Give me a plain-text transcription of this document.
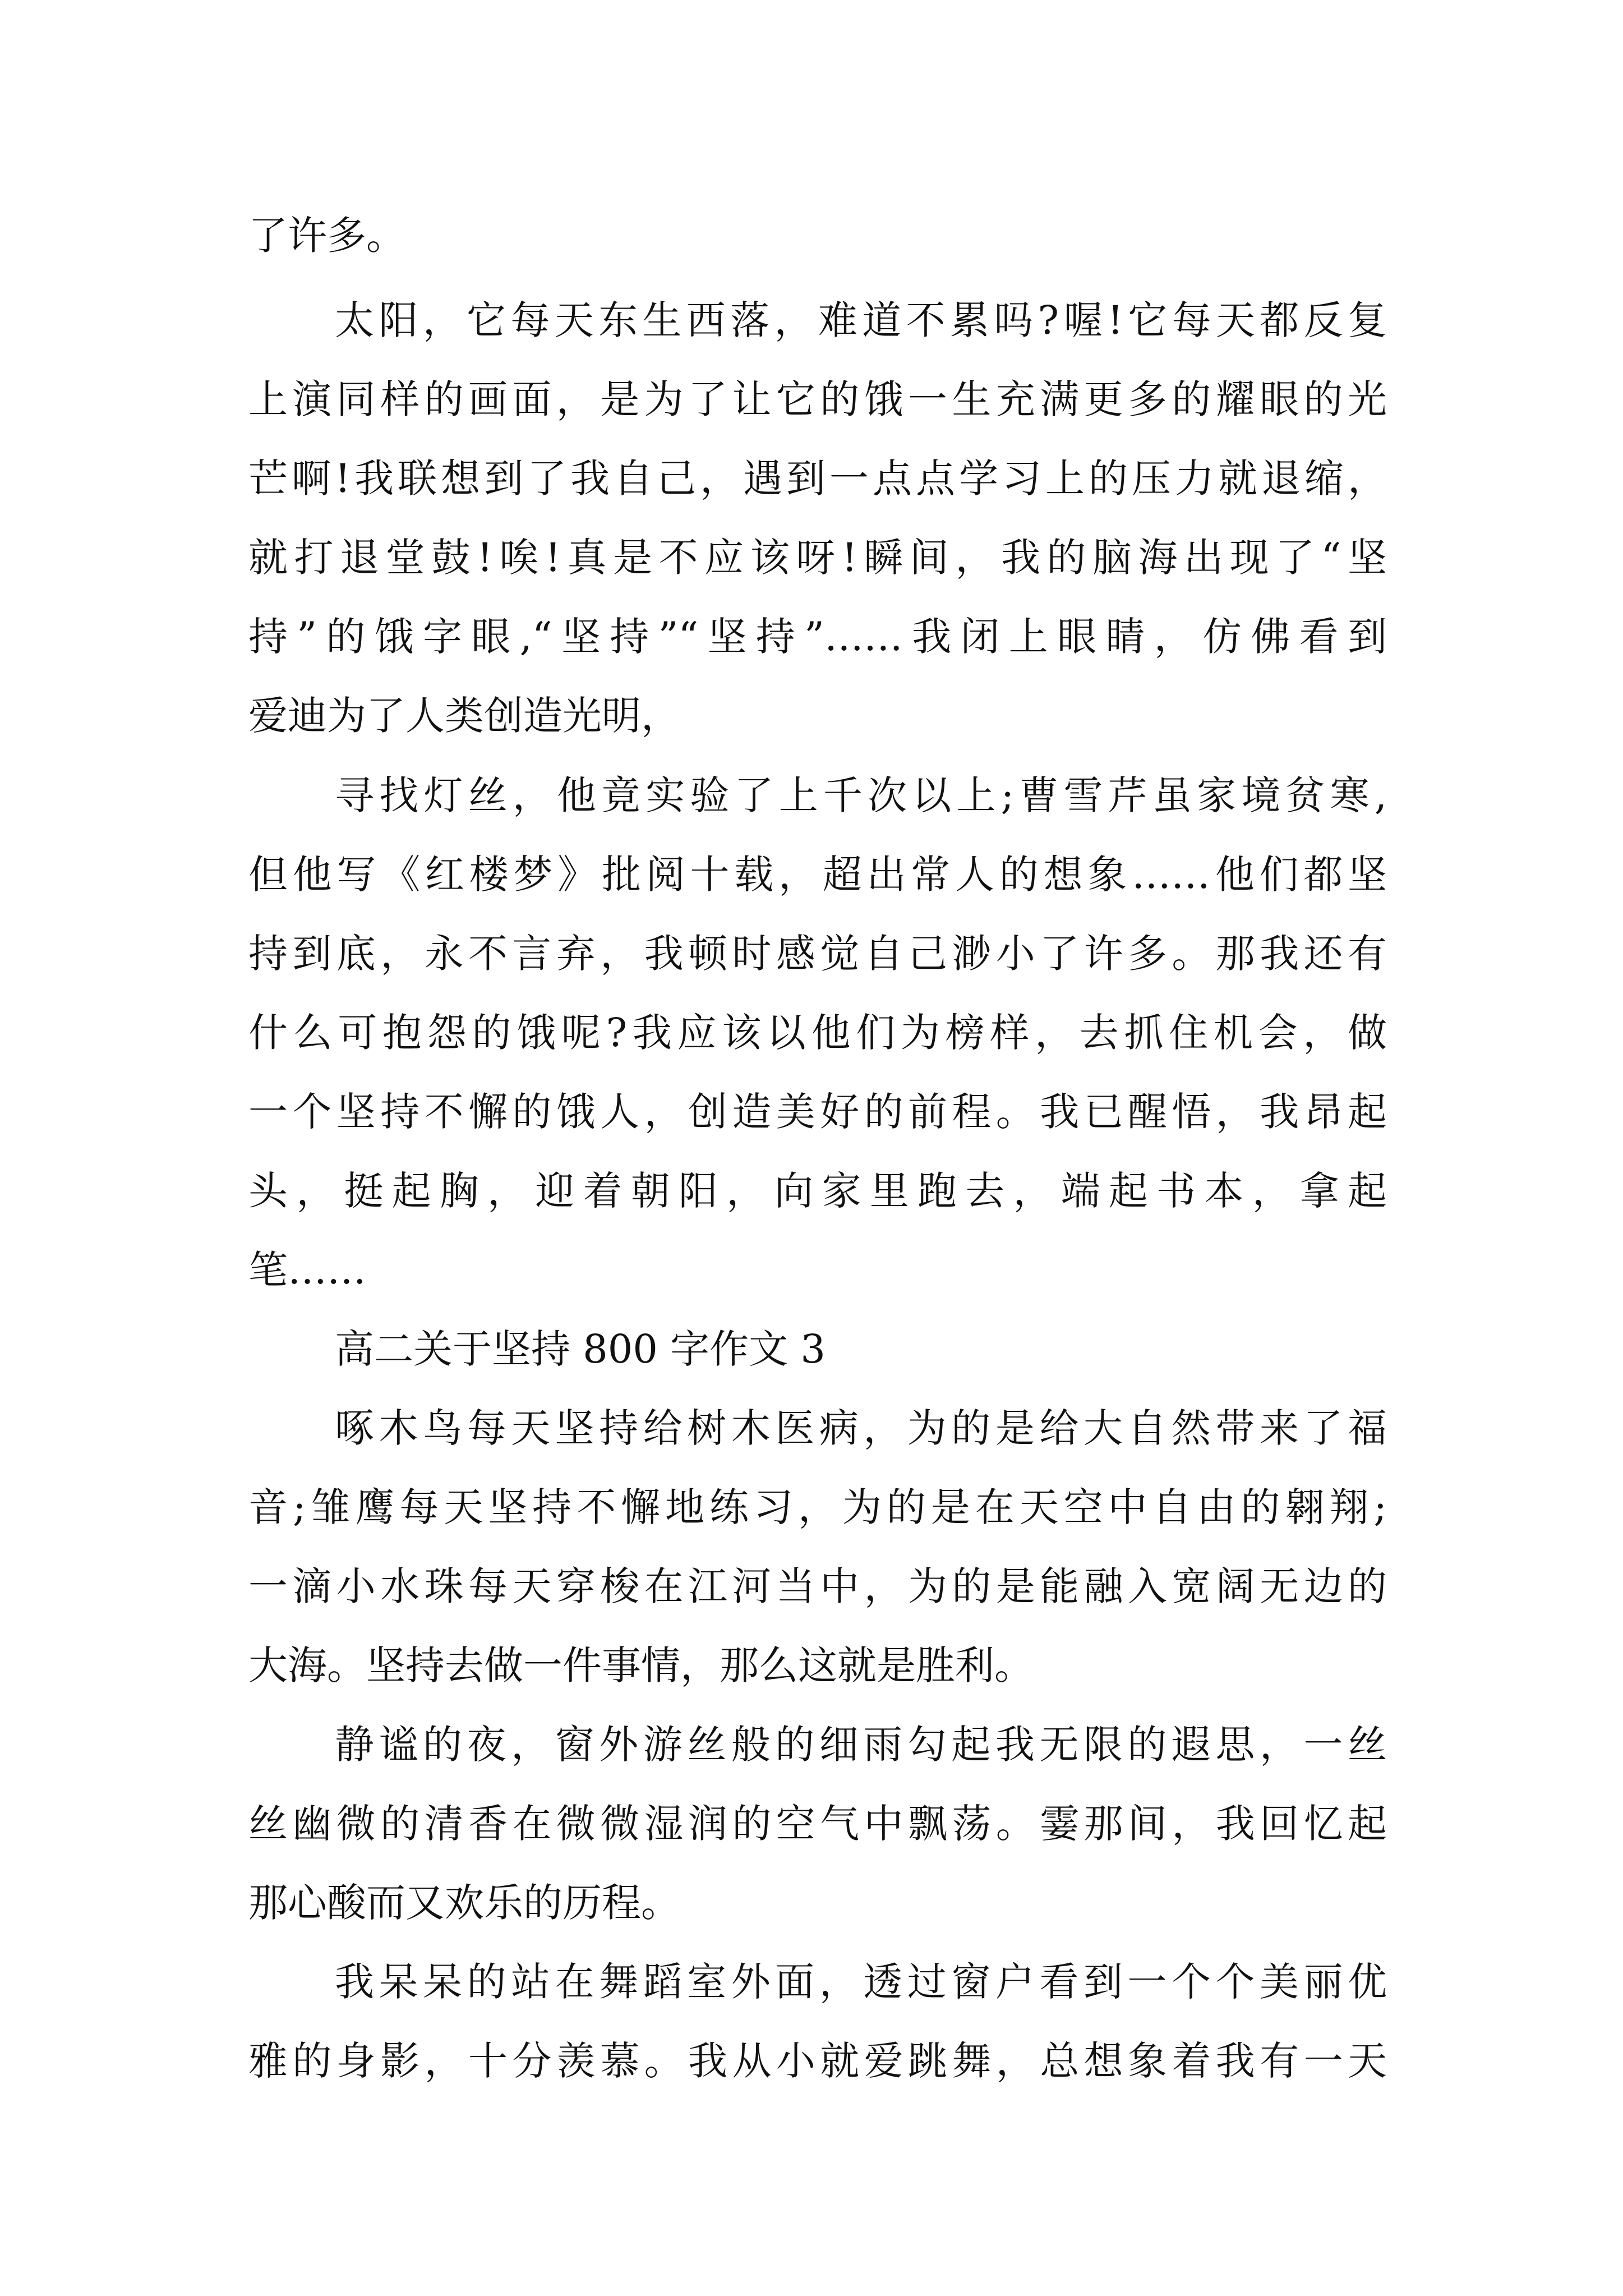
了许多。
太阳，它每天东生西落，难道不累吗?喔!它每天都反复
上演同样的画面，是为了让它的饿一生充满更多的耀眼的光
芒啊!我联想到了我自己，遇到一点点学习上的压力就退缩，
就打退堂鼓!唉!真是不应该呀!瞬间，我的脑海出现了“坚
持”的饿字眼,“坚持”“坚持”……我闭上眼睛，仿佛看到
爱迪为了人类创造光明，
寻找灯丝，他竟实验了上千次以上;曹雪芹虽家境贫寒,
但他写《红楼梦》批阅十载，超出常人的想象……他们都坚
持到底，永不言弃，我顿时感觉自己渺小了许多。那我还有
什么可抱怨的饿呢?我应该以他们为榜样，去抓住机会，做
一个坚持不懈的饿人，创造美好的前程。我已醒悟，我昂起
头，挺起胸，迎着朝阳，向家里跑去，端起书本，拿起
笔……
高二关于坚持 800 字作文 3
啄木鸟每天坚持给树木医病，为的是给大自然带来了福
音;雏鹰每天坚持不懈地练习，为的是在天空中自由的翱翔;
一滴小水珠每天穿梭在江河当中，为的是能融入宽阔无边的
大海。坚持去做一件事情，那么这就是胜利。
静谧的夜，窗外游丝般的细雨勾起我无限的遐思，一丝
丝幽微的清香在微微湿润的空气中飘荡。霎那间，我回忆起
那心酸而又欢乐的历程。
我呆呆的站在舞蹈室外面，透过窗户看到一个个美丽优
雅的身影，十分羡慕。我从小就爱跳舞，总想象着我有一天
